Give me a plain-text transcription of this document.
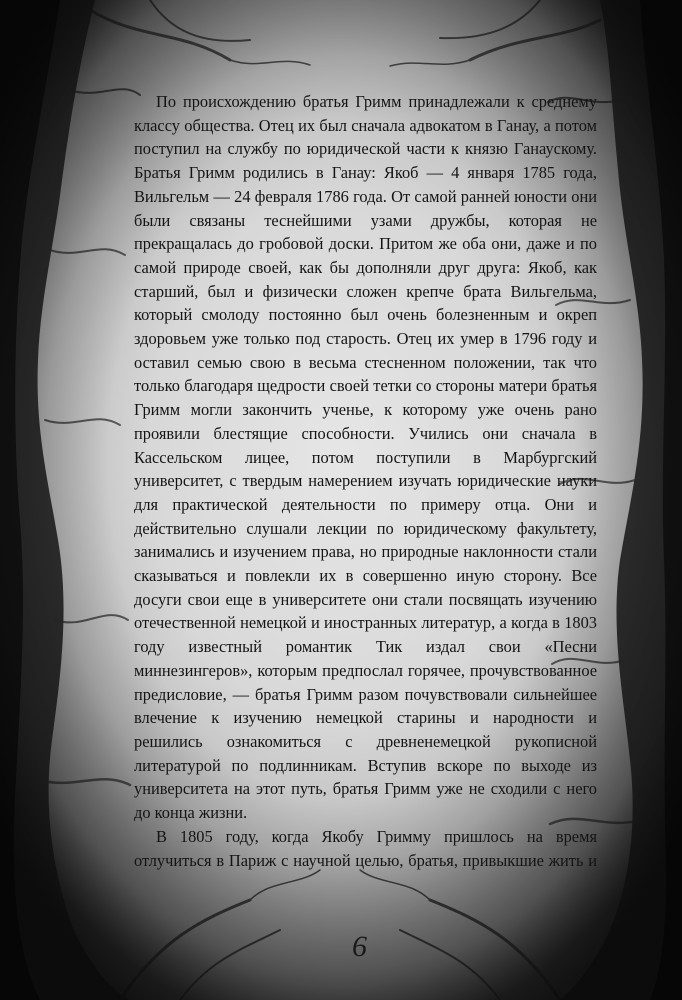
По происхождению братья Гримм принадлежали к среднему классу общества. Отец их был сначала адвокатом в Ганау, а потом поступил на службу по юридической части к князю Ганаускому. Братья Гримм родились в Ганау: Якоб — 4 января 1785 года, Вильгельм — 24 февраля 1786 года. От самой ранней юности они были связаны теснейшими узами дружбы, которая не прекращалась до гробовой доски. Притом же оба они, даже и по самой природе своей, как бы дополняли друг друга: Якоб, как старший, был и физически сложен крепче брата Вильгельма, который смолоду постоянно был очень болезненным и окреп здоровьем уже только под старость. Отец их умер в 1796 году и оставил семью свою в весьма стесненном положении, так что только благодаря щедрости своей тетки со стороны матери братья Гримм могли закончить ученье, к которому уже очень рано проявили блестящие способности. Учились они сначала в Кассельском лицее, потом поступили в Марбургский университет, с твердым намерением изучать юридические науки для практической деятельности по примеру отца. Они и действительно слушали лекции по юридическому факультету, занимались и изучением права, но природные наклонности стали сказываться и повлекли их в совершенно иную сторону. Все досуги свои еще в университете они стали посвящать изучению отечественной немецкой и иностранных литератур, а когда в 1803 году известный романтик Тик издал свои «Песни миннезингеров», которым предпослал горячее, прочувствованное предисловие, — братья Гримм разом почувствовали сильнейшее влечение к изучению немецкой старины и народности и решились ознакомиться с древненемецкой рукописной литературой по подлинникам. Вступив вскоре по выходе из университета на этот путь, братья Гримм уже не сходили с него до конца жизни.

В 1805 году, когда Якобу Гримму пришлось на время отлучиться в Париж с научной целью, братья, привыкшие жить и

6
